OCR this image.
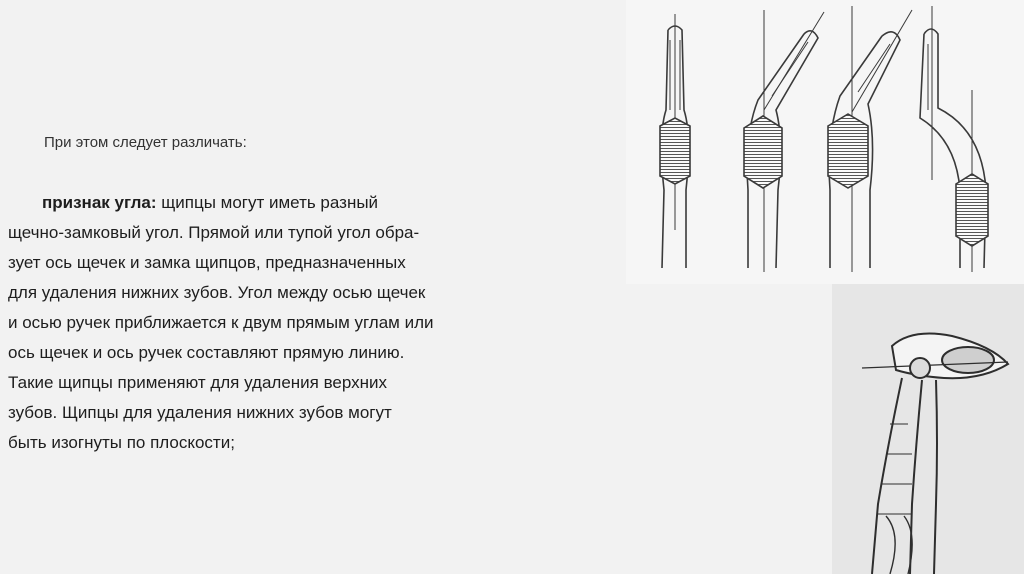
При этом следует различать:

признак угла: щипцы могут иметь разный
щечно-замковый угол. Прямой или тупой угол обра-
зует ось щечек и замка щипцов, предназначенных
для удаления нижних зубов. Угол между осью щечек
и осью ручек приближается к двум прямым углам или
ось щечек и ось ручек составляют прямую линию.
Такие щипцы применяют для удаления верхних
зубов. Щипцы для удаления нижних зубов могут
быть изогнуты по плоскости;
